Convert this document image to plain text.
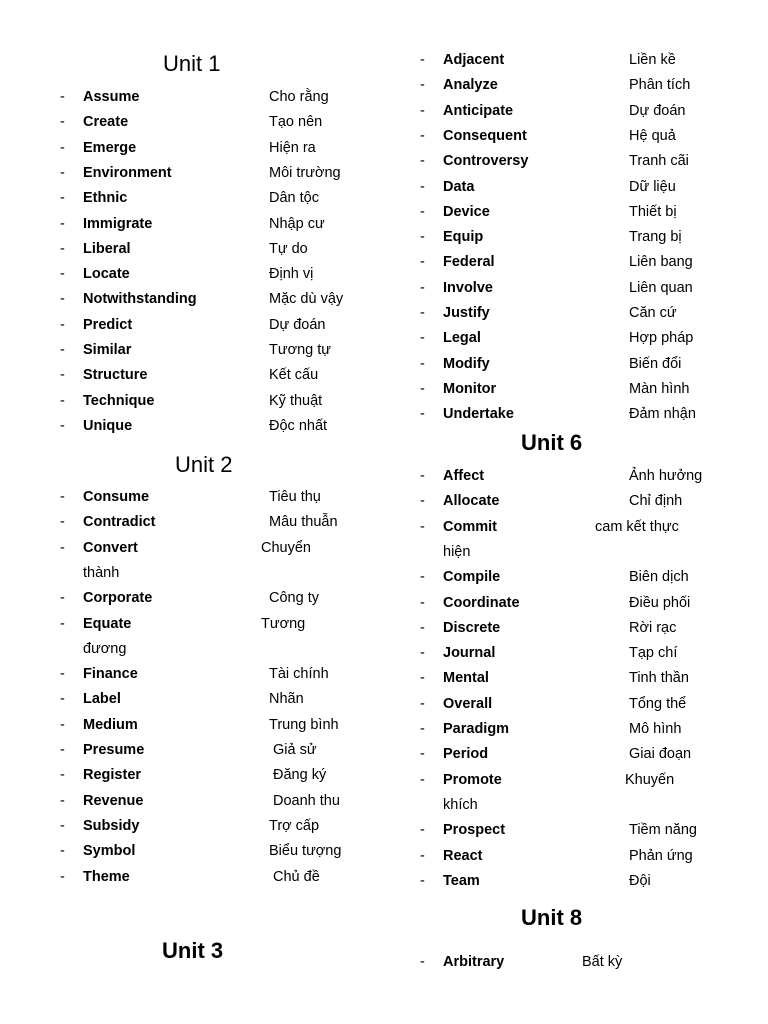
Unit 1
Unit 2
Unit 3
Unit 6
Unit 8
-	Assume	Cho rằng
-	Create	Tạo nên
-	Emerge	Hiện ra
-	Environment	Môi trường
-	Ethnic	Dân tộc
-	Immigrate	Nhập cư
-	Liberal	Tự do
-	Locate	Định vị
-	Notwithstanding	Mặc dù vậy
-	Predict	Dự đoán
-	Similar	Tương tự
-	Structure	Kết cấu
-	Technique	Kỹ thuật
-	Unique	Độc nhất
-	Consume	Tiêu thụ
-	Contradict	Mâu thuẫn
-	Convert	Chuyển
thành
-	Corporate	Công ty
-	Equate	Tương
đương
-	Finance	Tài chính
-	Label	Nhãn
-	Medium	Trung bình
-	Presume	Giả sử
-	Register	Đăng ký
-	Revenue	Doanh thu
-	Subsidy	Trợ cấp
-	Symbol	Biểu tượng
-	Theme	Chủ đề
-	Adjacent	Liền kề
-	Analyze	Phân tích
-	Anticipate	Dự đoán
-	Consequent	Hệ quả
-	Controversy	Tranh cãi
-	Data	Dữ liệu
-	Device	Thiết bị
-	Equip	Trang bị
-	Federal	Liên bang
-	Involve	Liên quan
-	Justify	Căn cứ
-	Legal	Hợp pháp
-	Modify	Biến đổi
-	Monitor	Màn hình
-	Undertake	Đảm nhận
-	Affect	Ảnh hưởng
-	Allocate	Chỉ định
-	Commit	cam kết thực
hiện
-	Compile	Biên dịch
-	Coordinate	Điều phối
-	Discrete	Rời rạc
-	Journal	Tạp chí
-	Mental	Tinh thần
-	Overall	Tổng thể
-	Paradigm	Mô hình
-	Period	Giai đoạn
-	Promote	Khuyến
khích
-	Prospect	Tiềm năng
-	React	Phản ứng
-	Team	Đội
-	Arbitrary	Bất kỳ
